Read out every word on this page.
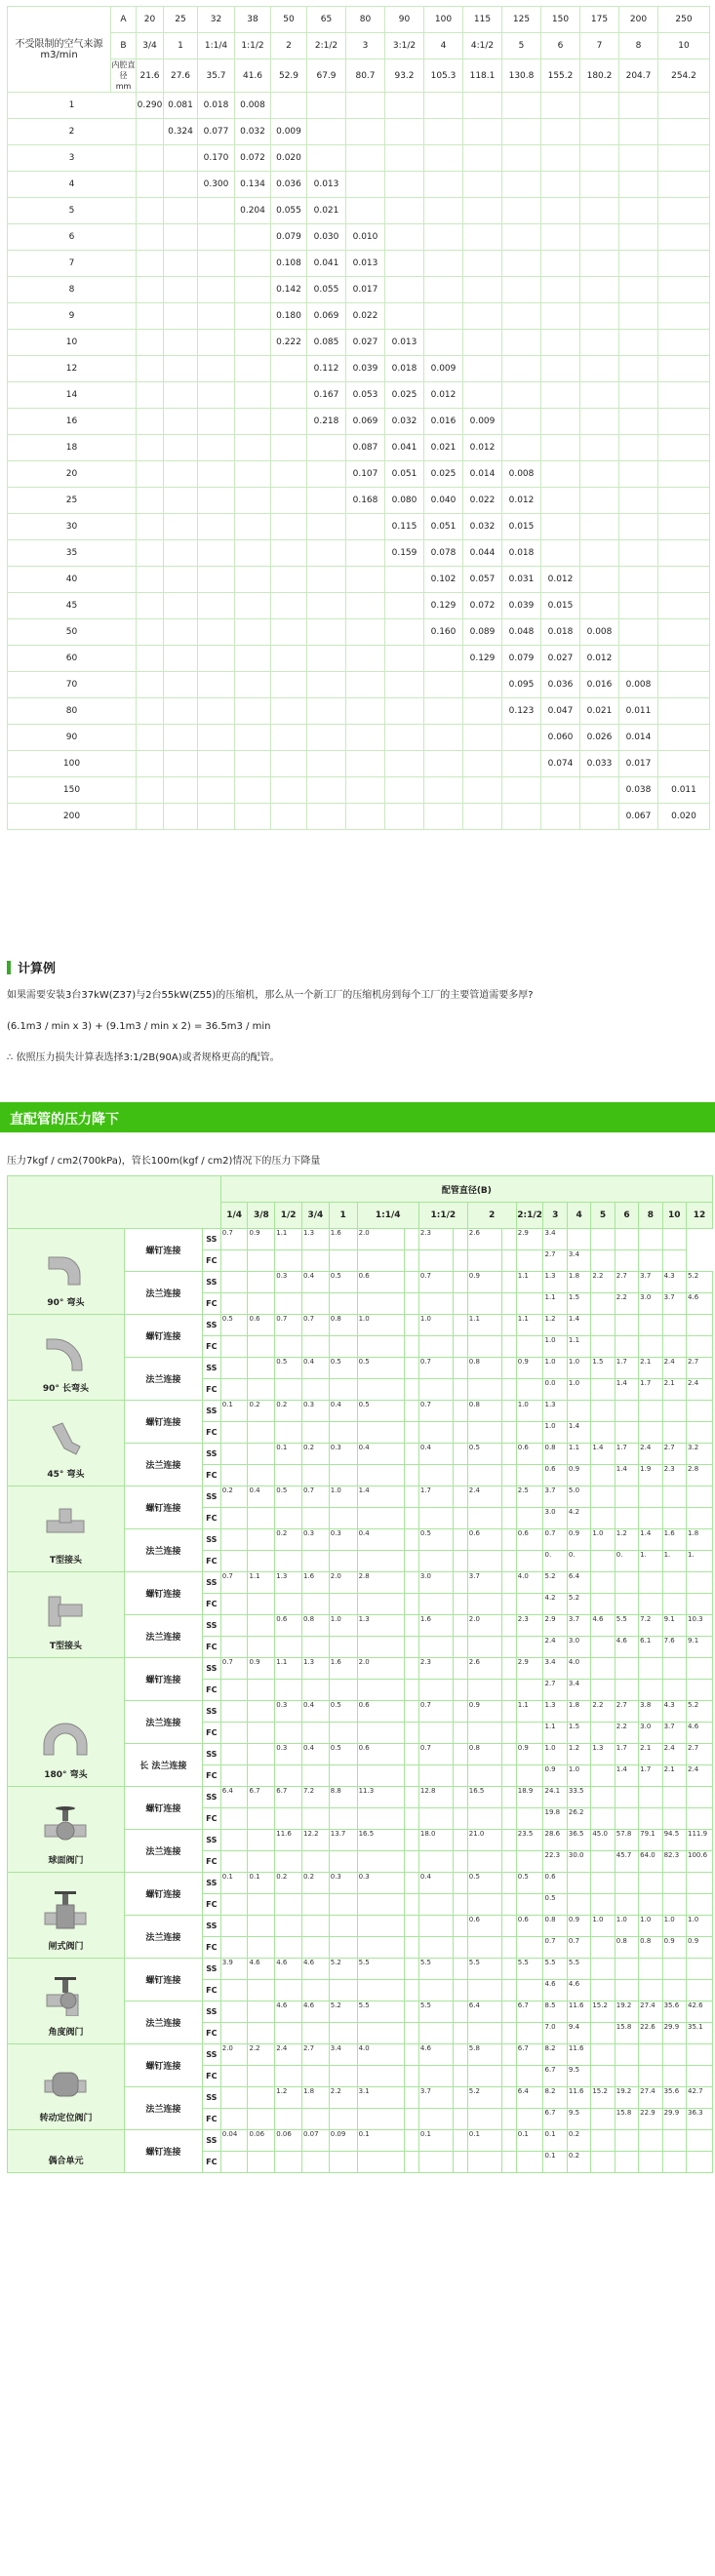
不受限制的空气来源 m3/min	A	20	25	32	38	50	65	80	90	100	115	125	150	175	200	250
	B	3/4	1	1:1/4	1:1/2	2	2:1/2	3	3:1/2	4	4:1/2	5	6	7	8	10
	内腔直径 mm	21.6	27.6	35.7	41.6	52.9	67.9	80.7	93.2	105.3	118.1	130.8	155.2	180.2	204.7	254.2
1		0.290	0.081	0.018	0.008											
2			0.324	0.077	0.032	0.009										
3				0.170	0.072	0.020										
4				0.300	0.134	0.036	0.013									
5					0.204	0.055	0.021									
6						0.079	0.030	0.010								
7						0.108	0.041	0.013								
8						0.142	0.055	0.017								
9						0.180	0.069	0.022								
10						0.222	0.085	0.027	0.013							
12							0.112	0.039	0.018	0.009						
14							0.167	0.053	0.025	0.012						
16							0.218	0.069	0.032	0.016	0.009					
18								0.087	0.041	0.021	0.012					
20								0.107	0.051	0.025	0.014	0.008				
25								0.168	0.080	0.040	0.022	0.012				
30									0.115	0.051	0.032	0.015				
35									0.159	0.078	0.044	0.018				
40										0.102	0.057	0.031	0.012			
45										0.129	0.072	0.039	0.015			
50										0.160	0.089	0.048	0.018	0.008		
60											0.129	0.079	0.027	0.012		
70												0.095	0.036	0.016	0.008	
80												0.123	0.047	0.021	0.011	
90													0.060	0.026	0.014	
100													0.074	0.033	0.017	
150															0.038	0.011
200															0.067	0.020
计算例
如果需要安装3台37kW(Z37)与2台55kW(Z55)的压缩机，那么从一个新工厂的压缩机房到每个工厂的主要管道需要多厚?
(6.1m3 / min x 3) + (9.1m3 / min x 2) = 36.5m3 / min
∴ 依照压力损失计算表选择3:1/2B(90A)或者规格更高的配管。
直配管的压力降下
压力7kgf / cm2(700kPa)，管长100m(kgf / cm2)情况下的压力下降量
			配管直径(B)																		
			1/4	3/8	1/2	3/4	1	1:1/4		1:1/2		2		2:1/2	3	4	5	6	8	10	12

90° 弯头	螺钉连接	SS	0.7	0.9	1.1	1.3	1.6	2.0		2.3		2.6		2.9	3.4						
		FC													2.7	3.4					
	法兰连接	SS			0.3	0.4	0.5	0.6		0.7		0.9		1.1	1.3	1.8	2.2	2.7	3.7	4.3	5.2
		FC													1.1	1.5		2.2	3.0	3.7	4.6

90° 长弯头	螺钉连接	SS	0.5	0.6	0.7	0.7	0.8	1.0		1.0		1.1		1.1	1.2	1.4					
		FC													1.0	1.1					
	法兰连接	SS			0.5	0.4	0.5	0.5		0.7		0.8		0.9	1.0	1.0	1.5	1.7	2.1	2.4	2.7
		FC													0.0	1.0		1.4	1.7	2.1	2.4

45° 弯头	螺钉连接	SS	0.1	0.2	0.2	0.3	0.4	0.5		0.7		0.8		1.0	1.3						
		FC													1.0	1.4					
	法兰连接	SS			0.1	0.2	0.3	0.4		0.4		0.5		0.6	0.8	1.1	1.4	1.7	2.4	2.7	3.2
		FC													0.6	0.9		1.4	1.9	2.3	2.8

T型接头	螺钉连接	SS	0.2	0.4	0.5	0.7	1.0	1.4		1.7		2.4		2.5	3.7	5.0					
		FC													3.0	4.2					
	法兰连接	SS			0.2	0.3	0.3	0.4		0.5		0.6		0.6	0.7	0.9	1.0	1.2	1.4	1.6	1.8
		FC													0.	0.		0.	1.	1.	1.

T型接头	螺钉连接	SS	0.7	1.1	1.3	1.6	2.0	2.8		3.0		3.7		4.0	5.2	6.4					
		FC													4.2	5.2					
	法兰连接	SS			0.6	0.8	1.0	1.3		1.6		2.0		2.3	2.9	3.7	4.6	5.5	7.2	9.1	10.3
		FC													2.4	3.0		4.6	6.1	7.6	9.1

180° 弯头	螺钉连接	SS	0.7	0.9	1.1	1.3	1.6	2.0		2.3		2.6		2.9	3.4	4.0					
		FC													2.7	3.4					
	法兰连接	SS			0.3	0.4	0.5	0.6		0.7		0.9		1.1	1.3	1.8	2.2	2.7	3.8	4.3	5.2
		FC													1.1	1.5		2.2	3.0	3.7	4.6
	长 法兰连接	SS			0.3	0.4	0.5	0.6		0.7		0.8		0.9	1.0	1.2	1.3	1.7	2.1	2.4	2.7
		FC													0.9	1.0		1.4	1.7	2.1	2.4

球面阀门	螺钉连接	SS	6.4	6.7	6.7	7.2	8.8	11.3		12.8		16.5		18.9	24.1	33.5					
		FC													19.8	26.2					
	法兰连接	SS			11.6	12.2	13.7	16.5		18.0		21.0		23.5	28.6	36.5	45.0	57.8	79.1	94.5	111.9
		FC													22.3	30.0		45.7	64.0	82.3	100.6

闸式阀门	螺钉连接	SS	0.1	0.1	0.2	0.2	0.3	0.3		0.4		0.5		0.5	0.6						
		FC													0.5						
	法兰连接	SS										0.6		0.6	0.8	0.9	1.0	1.0	1.0	1.0	1.0
		FC													0.7	0.7		0.8	0.8	0.9	0.9

角度阀门	螺钉连接	SS	3.9	4.6	4.6	4.6	5.2	5.5		5.5		5.5		5.5	5.5	5.5					
		FC													4.6	4.6					
	法兰连接	SS			4.6	4.6	5.2	5.5		5.5		6.4		6.7	8.5	11.6	15.2	19.2	27.4	35.6	42.6
		FC													7.0	9.4		15.8	22.6	29.9	35.1

转动定位阀门	螺钉连接	SS	2.0	2.2	2.4	2.7	3.4	4.0		4.6		5.8		6.7	8.2	11.6					
		FC													6.7	9.5					
	法兰连接	SS			1.2	1.8	2.2	3.1		3.7		5.2		6.4	8.2	11.6	15.2	19.2	27.4	35.6	42.7
		FC													6.7	9.5		15.8	22.9	29.9	36.3
偶合单元	螺钉连接	SS	0.04	0.06	0.06	0.07	0.09	0.1		0.1		0.1		0.1	0.1	0.2					
		FC													0.1	0.2					
